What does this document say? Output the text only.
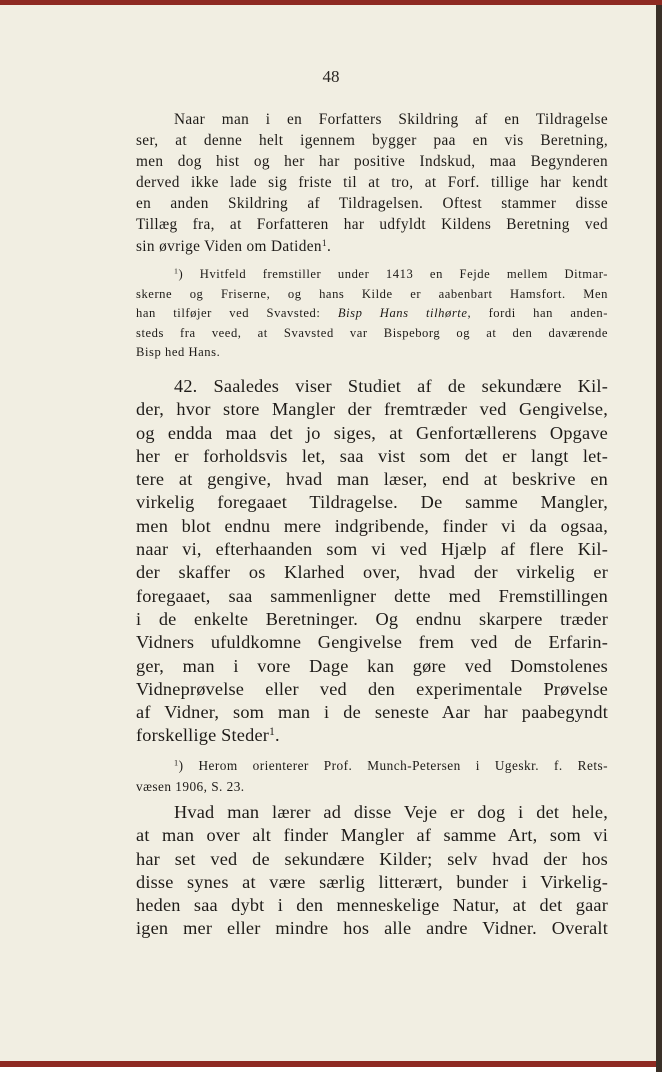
48

Naar man i en Forfatters Skildring af en Tildragelse
ser, at denne helt igennem bygger paa en vis Beretning,
men dog hist og her har positive Indskud, maa Begynderen
derved ikke lade sig friste til at tro, at Forf. tillige har kendt
en anden Skildring af Tildragelsen. Oftest stammer disse
Tillæg fra, at Forfatteren har udfyldt Kildens Beretning ved
sin øvrige Viden om Datiden$^1$.

$^1$) Hvitfeld fremstiller under 1413 en Fejde mellem Ditmar-
skerne og Friserne, og hans Kilde er aabenbart Hamsfort. Men
han tilføjer ved Svavsted: Bisp Hans tilhørte, fordi han anden-
steds fra veed, at Svavsted var Bispeborg og at den daværende
Bisp hed Hans.

42. Saaledes viser Studiet af de sekundære Kil-
der, hvor store Mangler der fremtræder ved Gengivelse,
og endda maa det jo siges, at Genfortællerens Opgave
her er forholdsvis let, saa vist som det er langt let-
tere at gengive, hvad man læser, end at beskrive en
virkelig foregaaet Tildragelse. De samme Mangler,
men blot endnu mere indgribende, finder vi da ogsaa,
naar vi, efterhaanden som vi ved Hjælp af flere Kil-
der skaffer os Klarhed over, hvad der virkelig er
foregaaet, saa sammenligner dette med Fremstillingen
i de enkelte Beretninger. Og endnu skarpere træder
Vidners ufuldkomne Gengivelse frem ved de Erfarin-
ger, man i vore Dage kan gøre ved Domstolenes
Vidneprøvelse eller ved den experimentale Prøvelse
af Vidner, som man i de seneste Aar har paabegyndt
forskellige Steder$^1$.

$^1$) Herom orienterer Prof. Munch-Petersen i Ugeskr. f. Rets-
væsen 1906, S. 23.

Hvad man lærer ad disse Veje er dog i det hele,
at man over alt finder Mangler af samme Art, som vi
har set ved de sekundære Kilder; selv hvad der hos
disse synes at være særlig litterært, bunder i Virkelig-
heden saa dybt i den menneskelige Natur, at det gaar
igen mer eller mindre hos alle andre Vidner. Overalt
